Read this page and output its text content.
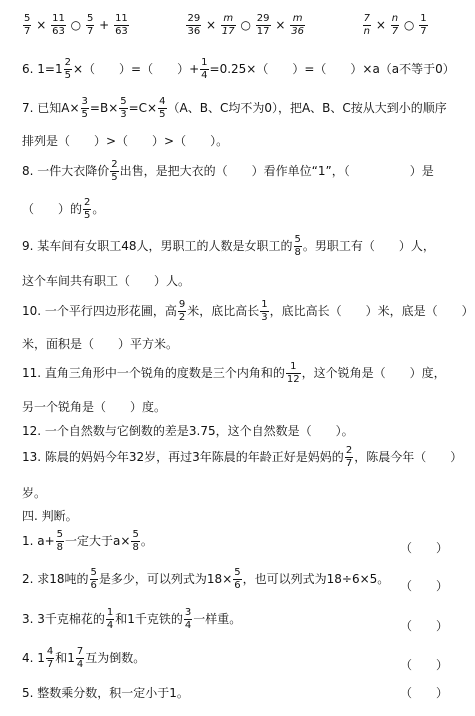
$\frac{5}{7} \times \frac{11}{63}$ ○ $\frac{5}{7} + \frac{11}{63}$
	$\frac{29}{36} \times \frac{m}{17}$ ○ $\frac{29}{17} \times \frac{m}{36}$
	$\frac{7}{n} \times \frac{n}{7}$ ○ $\frac{1}{7}$
6. $1=1 \frac{2}{5}$ ×（　　）=（　　）+ $\frac{1}{4} =0.25\times$（　　）=（　　）×a（a不等于0）
7. 已知$A\times \frac{3}{5} =B\times \frac{5}{3} =C\times \frac{4}{5} (A$、B、C均不为0），把A、B、C按从大到小的顺序
排列是（　　）>（　　）>（　　）。
8. 一件大衣降价 $\frac{2}{5}$ 出售，是把大衣的（　　）看作单位“1”，（　　　　　）是
（　　）的 $\frac{2}{5}$ 。
9. 某车间有女职工48人，男职工的人数是女职工的 $\frac{5}{8}$ 。男职工有（　　）人，
这个车间共有职工（　　）人。
10. 一个平行四边形花圃，高 $\frac{9}{2}$ 米，底比高长 $\frac{1}{3}$ ，底比高长（　　）米，底是（　　）
米，面积是（　　）平方米。
11. 直角三角形中一个锐角的度数是三个内角和的 $\frac{1}{12}$ ，这个锐角是（　　）度，
另一个锐角是（　　）度。
12. 一个自然数与它倒数的差是3.75，这个自然数是（　　）。
13. 陈晨的妈妈今年32岁，再过3年陈晨的年龄正好是妈妈的 $\frac{2}{7}$ ，陈晨今年（　　）
岁。
四. 判断。
1. $a+ \frac{5}{8}$ 一定大于$a\times \frac{5}{8}$ 。	（　　）
2. 求18吨的 $\frac{5}{6}$ 是多少，可以列式为$18\times \frac{5}{6}$ ，也可以列式为18÷6×5。 （　　）
3. 3千克棉花的 $\frac{1}{4}$ 和1千克铁的 $\frac{3}{4}$ 一样重。	（　　）
4. $1 \frac{4}{7}$ 和$1 \frac{7}{4}$ 互为倒数。	（　　）
5. 整数乘分数，积一定小于1。	（　　）
